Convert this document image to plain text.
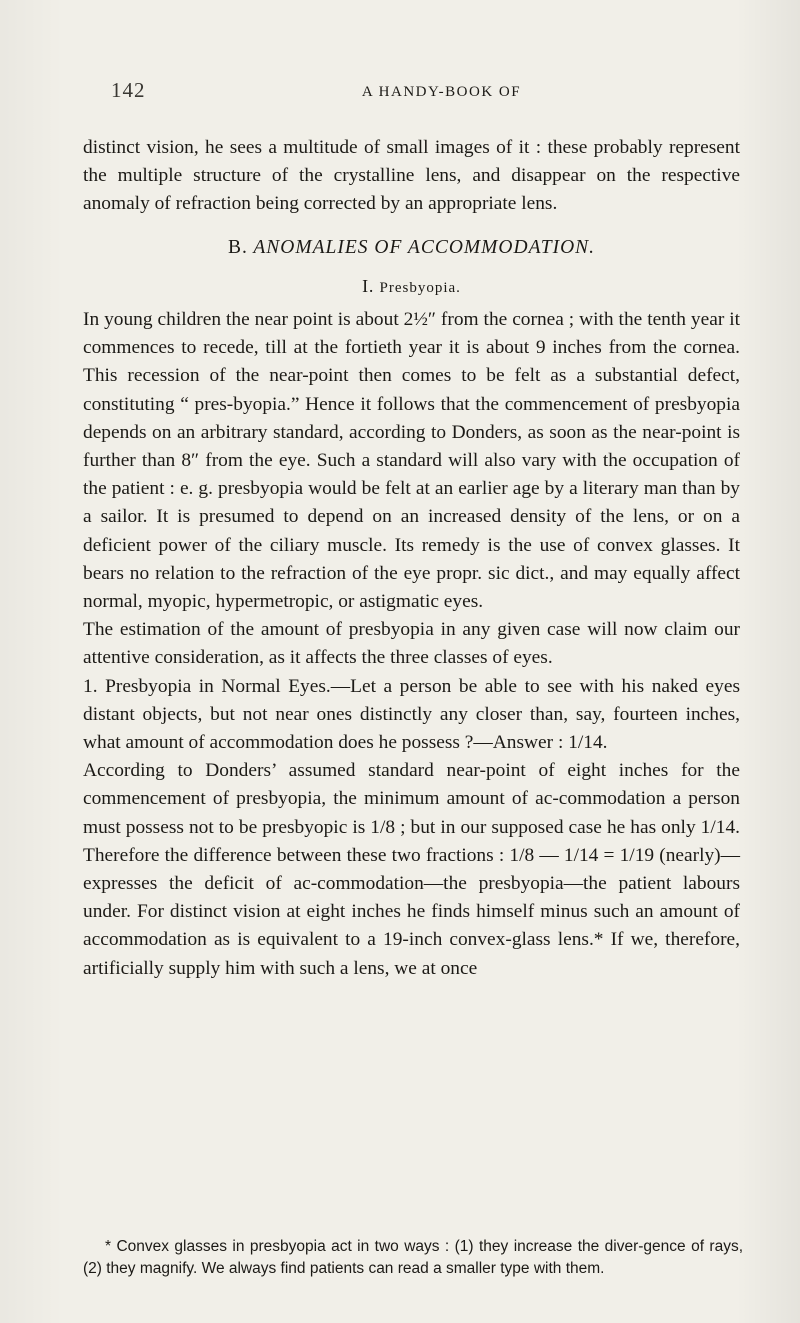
142	A HANDY-BOOK OF

distinct vision, he sees a multitude of small images of it : these probably represent the multiple structure of the crystalline lens, and disappear on the respective anomaly of refraction being corrected by an appropriate lens.

B. ANOMALIES OF ACCOMMODATION.

I. Presbyopia.

In young children the near point is about 2½″ from the cornea ; with the tenth year it commences to recede, till at the fortieth year it is about 9 inches from the cornea. This recession of the near-point then comes to be felt as a substantial defect, constituting “ pres-byopia.” Hence it follows that the commencement of presbyopia depends on an arbitrary standard, according to Donders, as soon as the near-point is further than 8″ from the eye. Such a standard will also vary with the occupation of the patient : e. g. presbyopia would be felt at an earlier age by a literary man than by a sailor. It is presumed to depend on an increased density of the lens, or on a deficient power of the ciliary muscle. Its remedy is the use of convex glasses. It bears no relation to the refraction of the eye propr. sic dict., and may equally affect normal, myopic, hypermetropic, or astigmatic eyes.

The estimation of the amount of presbyopia in any given case will now claim our attentive consideration, as it affects the three classes of eyes.

1. Presbyopia in Normal Eyes.—Let a person be able to see with his naked eyes distant objects, but not near ones distinctly any closer than, say, fourteen inches, what amount of accommodation does he possess ?—Answer : 1/14.

According to Donders’ assumed standard near-point of eight inches for the commencement of presbyopia, the minimum amount of ac-commodation a person must possess not to be presbyopic is 1/8 ; but in our supposed case he has only 1/14. Therefore the difference between these two fractions : 1/8 — 1/14 = 1/19 (nearly)—expresses the deficit of ac-commodation—the presbyopia—the patient labours under. For distinct vision at eight inches he finds himself minus such an amount of accommodation as is equivalent to a 19-inch convex-glass lens.* If we, therefore, artificially supply him with such a lens, we at once

* Convex glasses in presbyopia act in two ways : (1) they increase the diver-gence of rays, (2) they magnify. We always find patients can read a smaller type with them.
